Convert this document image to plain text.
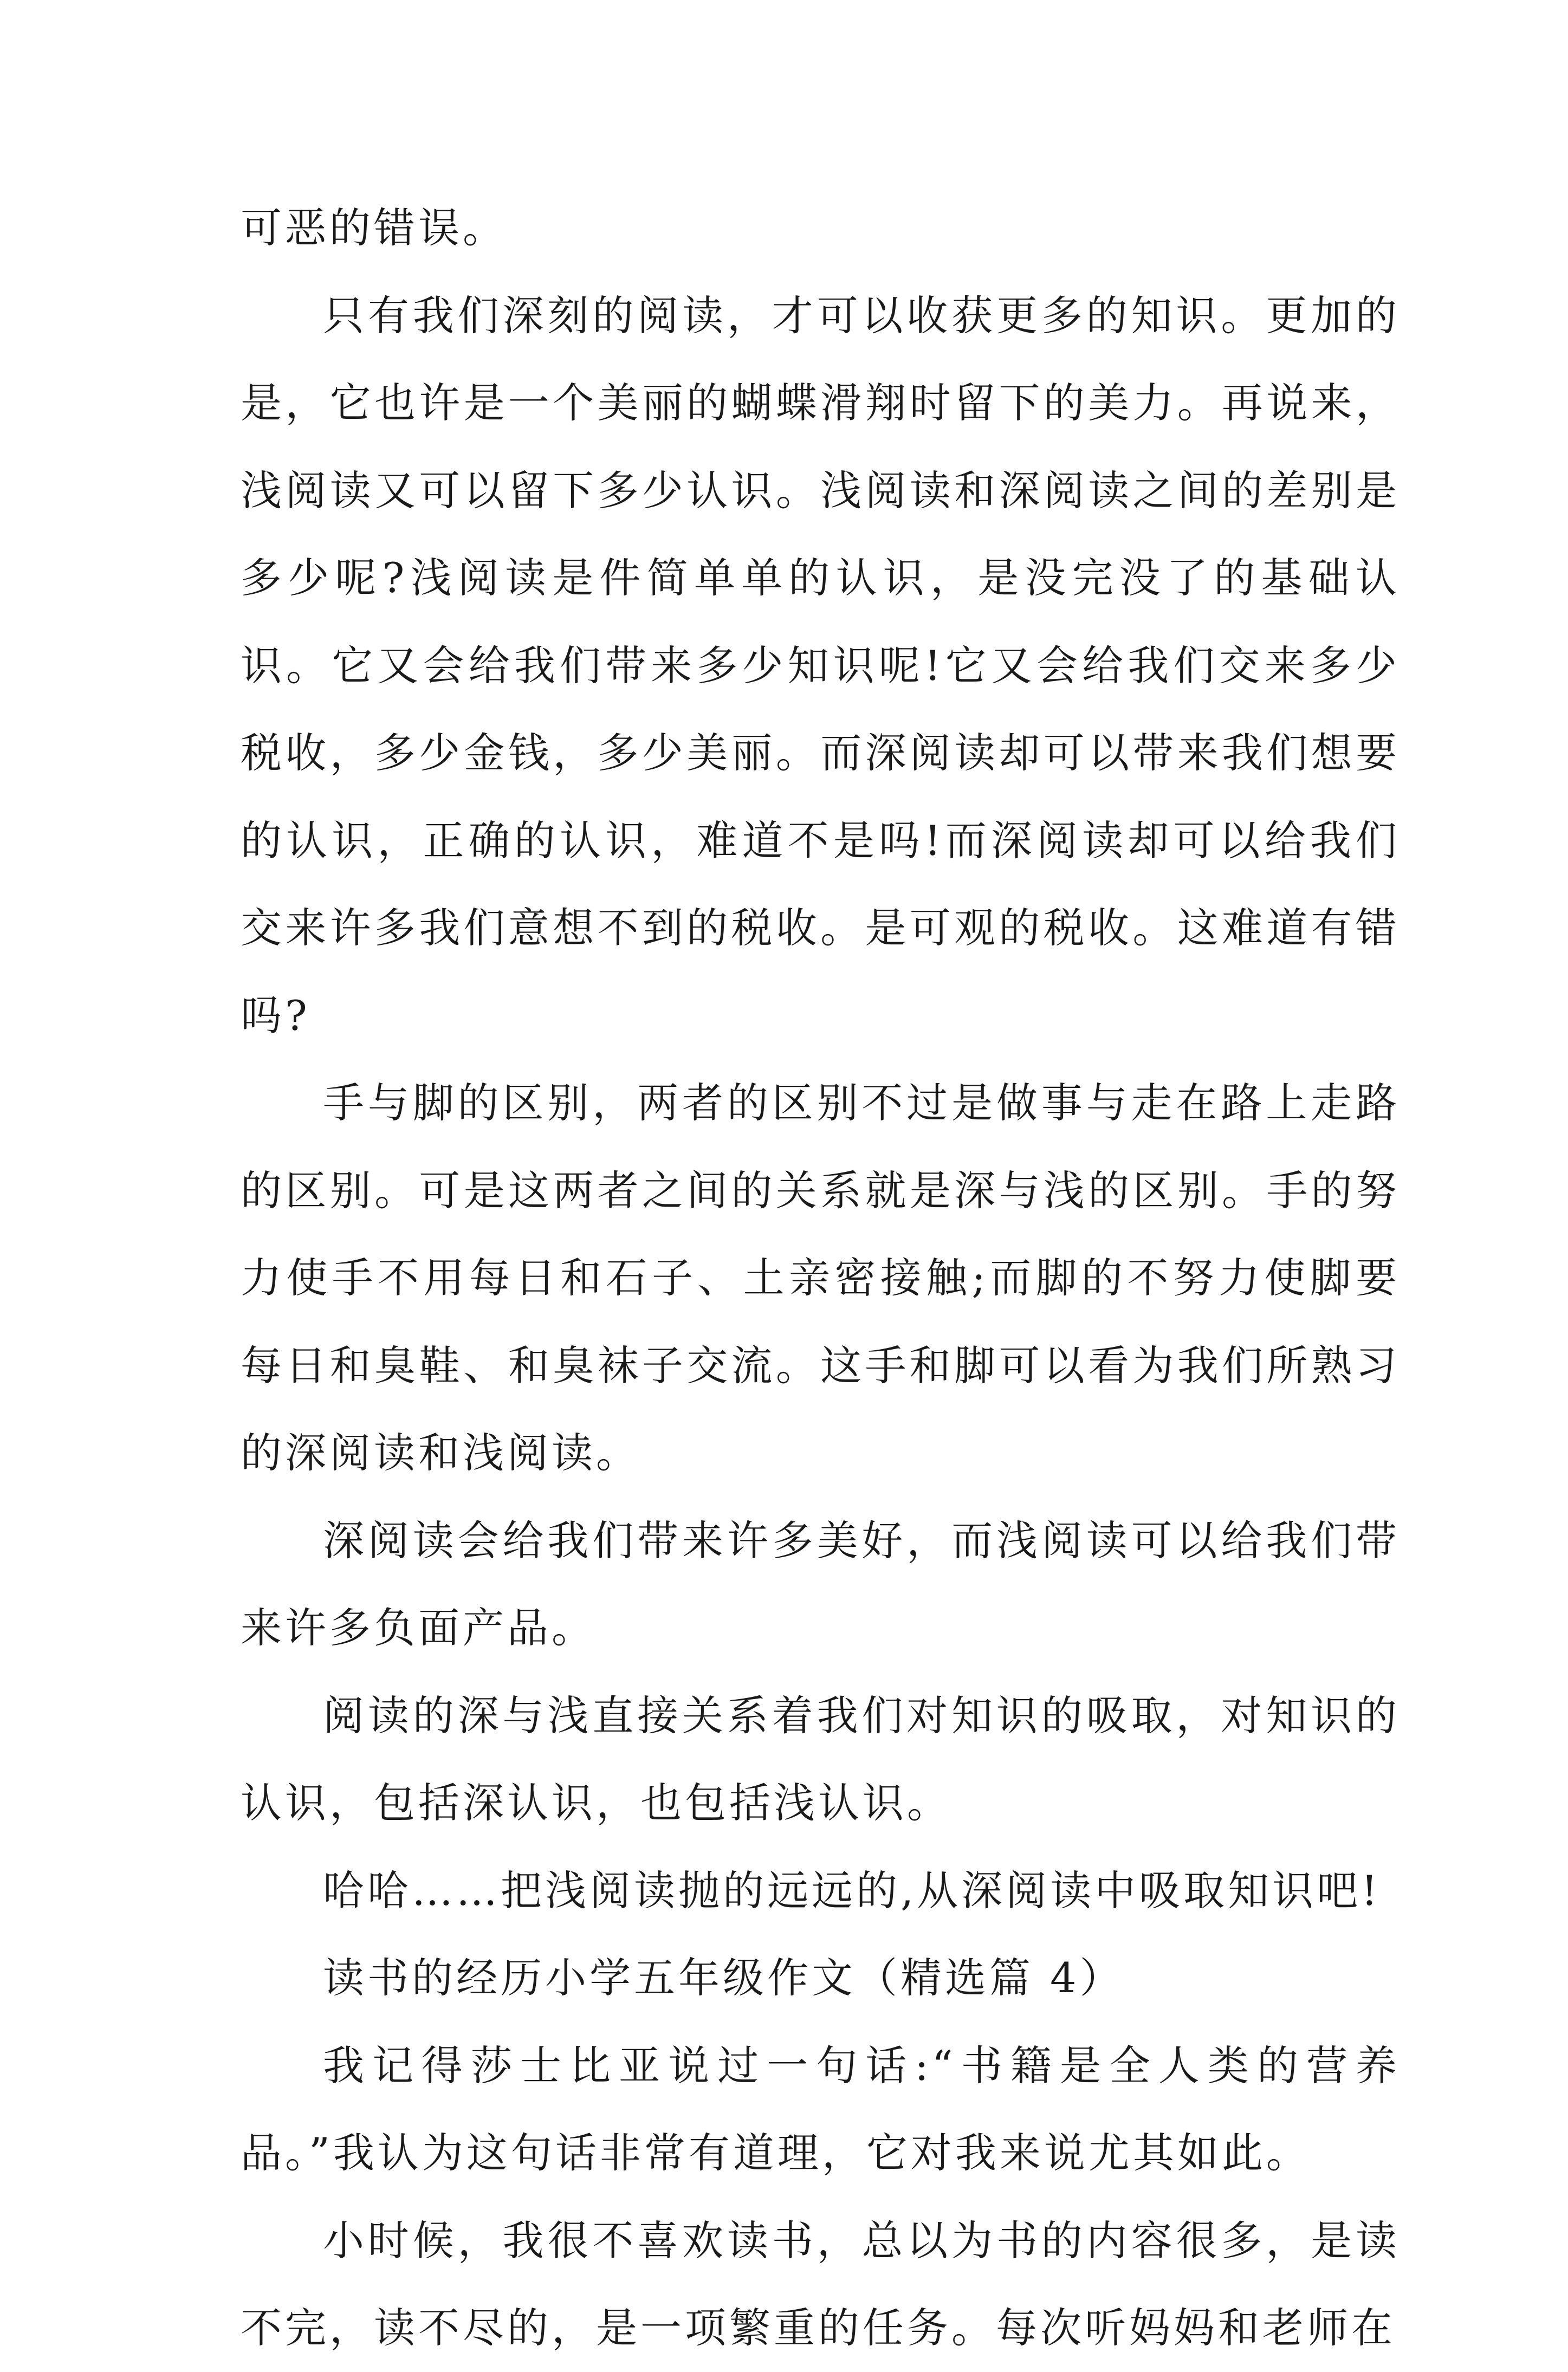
可恶的错误。

只有我们深刻的阅读，才可以收获更多的知识。更加的是，它也许是一个美丽的蝴蝶滑翔时留下的美力。再说来，浅阅读又可以留下多少认识。浅阅读和深阅读之间的差别是多少呢?浅阅读是件简单单的认识，是没完没了的基础认识。它又会给我们带来多少知识呢!它又会给我们交来多少税收，多少金钱，多少美丽。而深阅读却可以带来我们想要的认识，正确的认识，难道不是吗!而深阅读却可以给我们交来许多我们意想不到的税收。是可观的税收。这难道有错吗?

手与脚的区别，两者的区别不过是做事与走在路上走路的区别。可是这两者之间的关系就是深与浅的区别。手的努力使手不用每日和石子、土亲密接触;而脚的不努力使脚要每日和臭鞋、和臭袜子交流。这手和脚可以看为我们所熟习的深阅读和浅阅读。

深阅读会给我们带来许多美好，而浅阅读可以给我们带来许多负面产品。

阅读的深与浅直接关系着我们对知识的吸取，对知识的认识，包括深认识，也包括浅认识。

哈哈……把浅阅读抛的远远的,从深阅读中吸取知识吧!

读书的经历小学五年级作文（精选篇 4）

我记得莎士比亚说过一句话:“书籍是全人类的营养品。”我认为这句话非常有道理，它对我来说尤其如此。

小时候，我很不喜欢读书，总以为书的内容很多，是读不完，读不尽的，是一项繁重的任务。每次听妈妈和老师在
